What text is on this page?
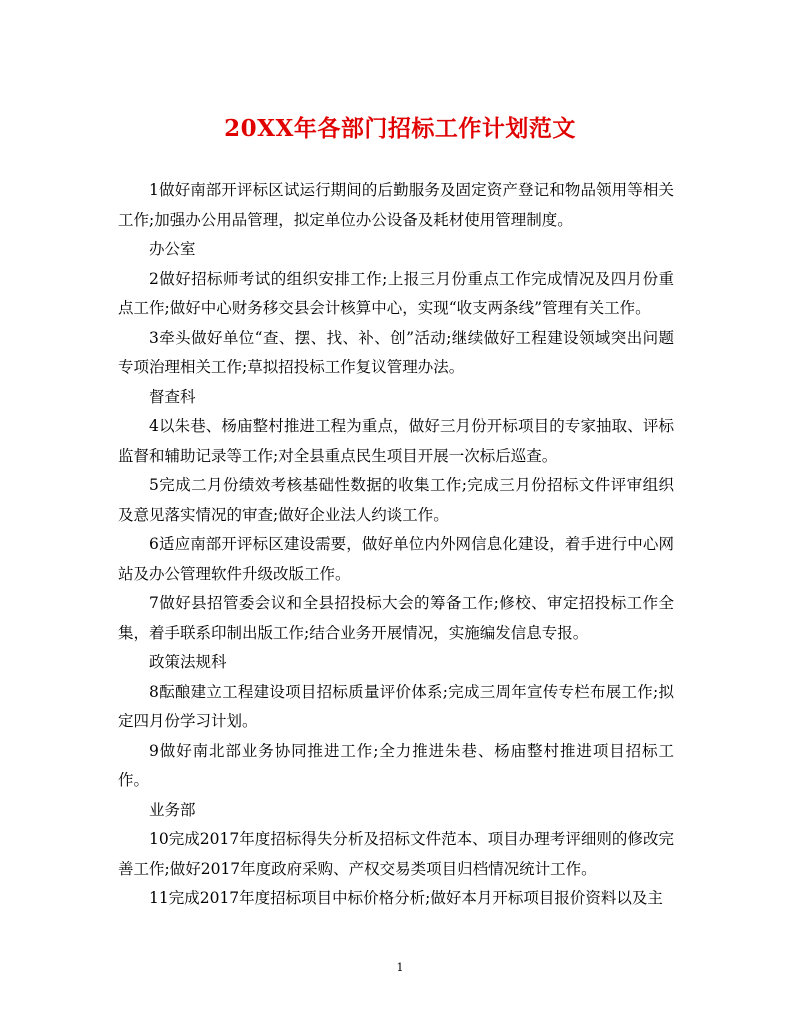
20XX年各部门招标工作计划范文

1做好南部开评标区试运行期间的后勤服务及固定资产登记和物品领用等相关工作;加强办公用品管理，拟定单位办公设备及耗材使用管理制度。

办公室

2做好招标师考试的组织安排工作;上报三月份重点工作完成情况及四月份重点工作;做好中心财务移交县会计核算中心，实现“收支两条线”管理有关工作。

3牵头做好单位“查、摆、找、补、创”活动;继续做好工程建设领域突出问题专项治理相关工作;草拟招投标工作复议管理办法。

督查科

4以朱巷、杨庙整村推进工程为重点，做好三月份开标项目的专家抽取、评标监督和辅助记录等工作;对全县重点民生项目开展一次标后巡查。

5完成二月份绩效考核基础性数据的收集工作;完成三月份招标文件评审组织及意见落实情况的审查;做好企业法人约谈工作。

6适应南部开评标区建设需要，做好单位内外网信息化建设，着手进行中心网站及办公管理软件升级改版工作。

7做好县招管委会议和全县招投标大会的筹备工作;修校、审定招投标工作全集，着手联系印制出版工作;结合业务开展情况，实施编发信息专报。

政策法规科

8酝酿建立工程建设项目招标质量评价体系;完成三周年宣传专栏布展工作;拟定四月份学习计划。

9做好南北部业务协同推进工作;全力推进朱巷、杨庙整村推进项目招标工作。

业务部

10完成2017年度招标得失分析及招标文件范本、项目办理考评细则的修改完善工作;做好2017年度政府采购、产权交易类项目归档情况统计工作。

11完成2017年度招标项目中标价格分析;做好本月开标项目报价资料以及主

1
